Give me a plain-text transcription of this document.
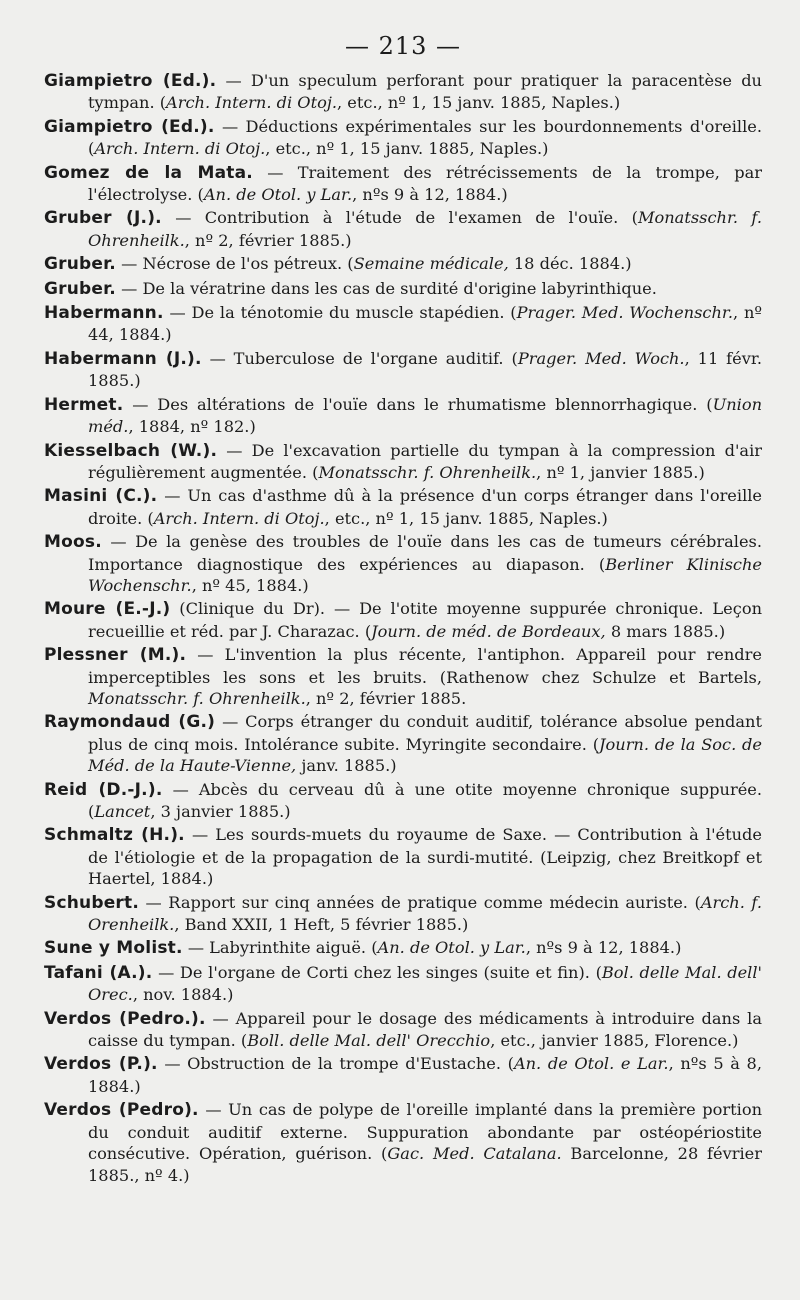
— 213 —

Giampietro (Ed.). — D'un speculum perforant pour pratiquer la paracentèse du tympan. (Arch. Intern. di Otoj., etc., nº 1, 15 janv. 1885, Naples.)

Giampietro (Ed.). — Déductions expérimentales sur les bourdonnements d'oreille. (Arch. Intern. di Otoj., etc., nº 1, 15 janv. 1885, Naples.)

Gomez de la Mata. — Traitement des rétrécissements de la trompe, par l'électrolyse. (An. de Otol. y Lar., nºs 9 à 12, 1884.)

Gruber (J.). — Contribution à l'étude de l'examen de l'ouïe. (Monatsschr. f. Ohrenheilk., nº 2, février 1885.)

Gruber. — Nécrose de l'os pétreux. (Semaine médicale, 18 déc. 1884.)

Gruber. — De la vératrine dans les cas de surdité d'origine labyrinthique.

Habermann. — De la ténotomie du muscle stapédien. (Prager. Med. Wochenschr., nº 44, 1884.)

Habermann (J.). — Tuberculose de l'organe auditif. (Prager. Med. Woch., 11 févr. 1885.)

Hermet. — Des altérations de l'ouïe dans le rhumatisme blennorrhagique. (Union méd., 1884, nº 182.)

Kiesselbach (W.). — De l'excavation partielle du tympan à la compression d'air régulièrement augmentée. (Monatsschr. f. Ohrenheilk., nº 1, janvier 1885.)

Masini (C.). — Un cas d'asthme dû à la présence d'un corps étranger dans l'oreille droite. (Arch. Intern. di Otoj., etc., nº 1, 15 janv. 1885, Naples.)

Moos. — De la genèse des troubles de l'ouïe dans les cas de tumeurs cérébrales. Importance diagnostique des expériences au diapason. (Berliner Klinische Wochenschr., nº 45, 1884.)

Moure (E.-J.) (Clinique du Dr). — De l'otite moyenne suppurée chronique. Leçon recueillie et réd. par J. Charazac. (Journ. de méd. de Bordeaux, 8 mars 1885.)

Plessner (M.). — L'invention la plus récente, l'antiphon. Appareil pour rendre imperceptibles les sons et les bruits. (Rathenow chez Schulze et Bartels, Monatsschr. f. Ohrenheilk., nº 2, février 1885.

Raymondaud (G.) — Corps étranger du conduit auditif, tolérance absolue pendant plus de cinq mois. Intolérance subite. Myringite secondaire. (Journ. de la Soc. de Méd. de la Haute-Vienne, janv. 1885.)

Reid (D.-J.). — Abcès du cerveau dû à une otite moyenne chronique suppurée. (Lancet, 3 janvier 1885.)

Schmaltz (H.). — Les sourds-muets du royaume de Saxe. — Contribution à l'étude de l'étiologie et de la propagation de la surdi-mutité. (Leipzig, chez Breitkopf et Haertel, 1884.)

Schubert. — Rapport sur cinq années de pratique comme médecin auriste. (Arch. f. Orenheilk., Band XXII, 1 Heft, 5 février 1885.)

Sune y Molist. — Labyrinthite aiguë. (An. de Otol. y Lar., nºs 9 à 12, 1884.)

Tafani (A.). — De l'organe de Corti chez les singes (suite et fin). (Bol. delle Mal. dell' Orec., nov. 1884.)

Verdos (Pedro.). — Appareil pour le dosage des médicaments à introduire dans la caisse du tympan. (Boll. delle Mal. dell' Orecchio, etc., janvier 1885, Florence.)

Verdos (P.). — Obstruction de la trompe d'Eustache. (An. de Otol. e Lar., nºs 5 à 8, 1884.)

Verdos (Pedro). — Un cas de polype de l'oreille implanté dans la première portion du conduit auditif externe. Suppuration abondante par ostéopériostite consécutive. Opération, guérison. (Gac. Med. Catalana. Barcelonne, 28 février 1885., nº 4.)
